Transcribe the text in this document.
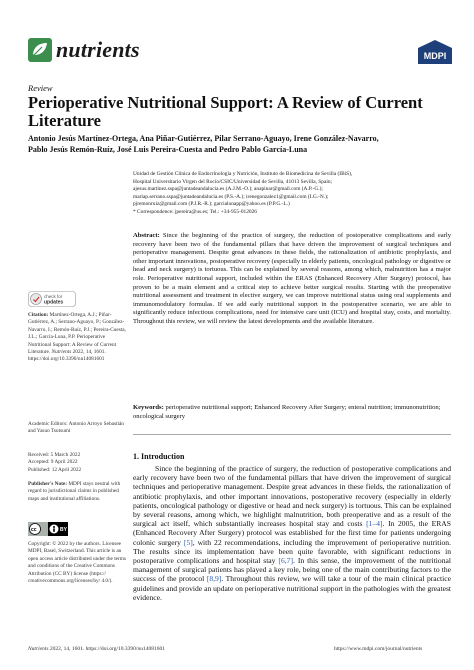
nutrients	MDPI
Review
Perioperative Nutritional Support: A Review of Current Literature
Antonio Jesús Martínez-Ortega, Ana Piñar-Gutiérrez, Pilar Serrano-Aguayo, Irene González-Navarro,
Pablo Jesús Remón-Ruíz, José Luis Pereira-Cuesta and Pedro Pablo García-Luna
Unidad de Gestión Clínica de Endocrinología y Nutrición, Instituto de Biomedicina de Sevilla (IBiS),
Hospital Universitario Virgen del Rocío/CSIC/Universidad de Sevilla, 41013 Sevilla, Spain;
ajesus.martinez.sspa@juntadeandalucia.es (A.J.M.-O.); anapinar@gmail.com (A.P.-G.);
mariap.serrano.sspa@juntadeandalucia.es (P.S.-A.); irenegonzalez1@gmail.com (I.G.-N.);
pjremonruiz@gmail.com (P.J.R.-R.); garcialunapp@yahoo.es (P.P.G.-L.)
* Correspondence: jpereira@us.es; Tel.: +34-955-012026
Abstract: Since the beginning of the practice of surgery, the reduction of postoperative complications and early recovery have been two of the fundamental pillars that have driven the improvement of surgical techniques and perioperative management. Despite great advances in these fields, the rationalization of antibiotic prophylaxis, and other important innovations, postoperative recovery (especially in elderly patients, oncological pathology or digestive or head and neck surgery) is tortuous. This can be explained by several reasons, among which, malnutrition has a major role. Perioperative nutritional support, included within the ERAS (Enhanced Recovery After Surgery) protocol, has proven to be a main element and a critical step to achieve better surgical results. Starting with the preoperative nutritional assessment and treatment in elective surgery, we can improve nutritional status using oral supplements and immunomodulatory formulas. If we add early nutritional support in the postoperative scenario, we are able to significantly reduce infectious complications, need for intensive care unit (ICU) and hospital stay, costs, and mortality. Throughout this review, we will review the latest developments and the available literature.
Keywords: perioperative nutritional support; Enhanced Recovery After Surgery; enteral nutrition; immunonutrition; oncological surgery
check for
updates
Citation: Martínez-Ortega, A.J.; Piñar-Gutiérrez, A.; Serrano-Aguayo, P.; González-Navarro, I.; Remón-Ruíz, P.J.; Pereira-Cuesta, J.L.; García-Luna, P.P. Perioperative Nutritional Support: A Review of Current Literature. Nutrients 2022, 14, 1601. https://doi.org/10.3390/nu14081601
Academic Editors: Antonio Arroyo Sebastián and Yasuo Tsutsumi
Received: 5 March 2022
Accepted: 9 April 2022
Published: 12 April 2022
Publisher's Note: MDPI stays neutral with regard to jurisdictional claims in published maps and institutional affiliations.
cc	BY
Copyright: © 2022 by the authors. Licensee MDPI, Basel, Switzerland. This article is an open access article distributed under the terms and conditions of the Creative Commons Attribution (CC BY) license (https:// creativecommons.org/licenses/by/ 4.0/).
1. Introduction
Since the beginning of the practice of surgery, the reduction of postoperative complications and early recovery have been two of the fundamental pillars that have driven the improvement of surgical techniques and perioperative management. Despite great advances in these fields, the rationalization of antibiotic prophylaxis, and other important innovations, postoperative recovery (especially in elderly patients, oncological pathology or digestive or head and neck surgery) is tortuous. This can be explained by several reasons, among which, we highlight malnutrition, both preoperative and as a result of the surgical act itself, which substantially increases hospital stay and costs [1–4]. In 2005, the ERAS (Enhanced Recovery After Surgery) protocol was established for the first time for patients undergoing colonic surgery [5], with 22 recommendations, including the improvement of perioperative nutrition. The results since its implementation have been quite favorable, with significant reductions in postoperative complications and hospital stay [6,7]. In this sense, the improvement of the nutritional management of surgical patients has played a key role, being one of the main contributing factors to the success of the protocol [8,9]. Throughout this review, we will take a tour of the main clinical practice guidelines and provide an update on perioperative nutritional support in the pathologies with the greatest evidence.
Nutrients 2022, 14, 1601. https://doi.org/10.3390/nu14081601	https://www.mdpi.com/journal/nutrients
